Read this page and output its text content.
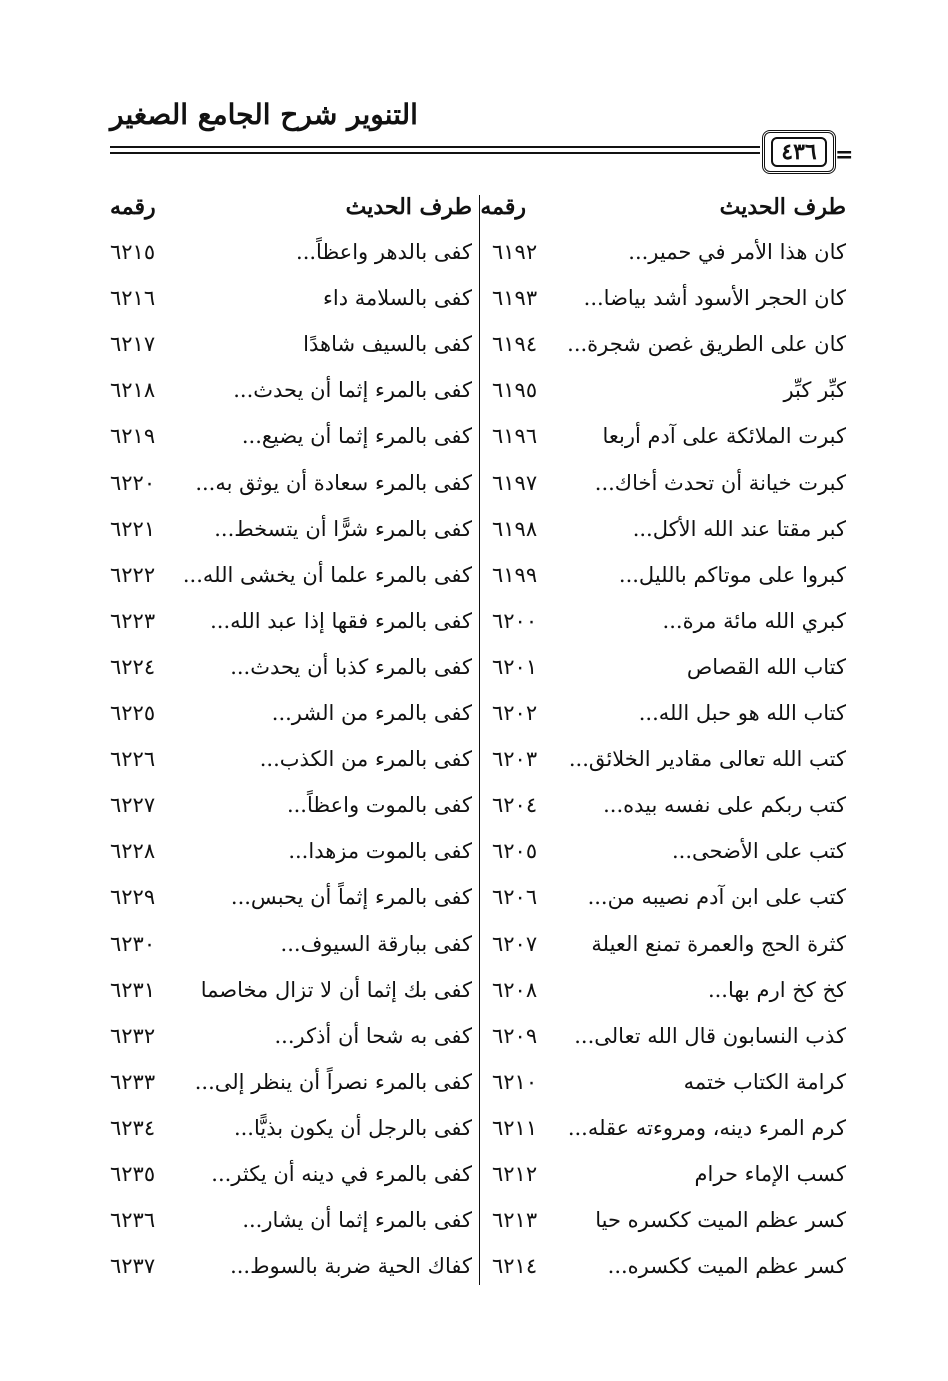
التنوير شرح الجامع الصغير
٤٣٦ =
طرف الحديث
رقمه
طرف الحديث
رقمه
كان هذا الأمر في حمير...
٦١٩٢
كان الحجر الأسود أشد بياضا...
٦١٩٣
كان على الطريق غصن شجرة...
٦١٩٤
كبِّر كبِّر
٦١٩٥
كبرت الملائكة على آدم أربعا
٦١٩٦
كبرت خيانة أن تحدث أخاك...
٦١٩٧
كبر مقتا عند الله الأكل...
٦١٩٨
كبروا على موتاكم بالليل...
٦١٩٩
كبري الله مائة مرة...
٦٢٠٠
كتاب الله القصاص
٦٢٠١
كتاب الله هو حبل الله...
٦٢٠٢
كتب الله تعالى مقادير الخلائق...
٦٢٠٣
كتب ربكم على نفسه بيده...
٦٢٠٤
كتب على الأضحى...
٦٢٠٥
كتب على ابن آدم نصيبه من...
٦٢٠٦
كثرة الحج والعمرة تمنع العيلة
٦٢٠٧
كخ كخ ارم بها...
٦٢٠٨
كذب النسابون قال الله تعالى...
٦٢٠٩
كرامة الكتاب ختمه
٦٢١٠
كرم المرء دينه، ومروءته عقله...
٦٢١١
كسب الإماء حرام
٦٢١٢
كسر عظم الميت ككسره حيا
٦٢١٣
كسر عظم الميت ككسره...
٦٢١٤
كفى بالدهر واعظاً...
٦٢١٥
كفى بالسلامة داء
٦٢١٦
كفى بالسيف شاهدًا
٦٢١٧
كفى بالمرء إثما أن يحدث...
٦٢١٨
كفى بالمرء إثما أن يضيع...
٦٢١٩
كفى بالمرء سعادة أن يوثق به...
٦٢٢٠
كفى بالمرء شرًّا أن يتسخط...
٦٢٢١
كفى بالمرء علما أن يخشى الله...
٦٢٢٢
كفى بالمرء فقها إذا عبد الله...
٦٢٢٣
كفى بالمرء كذبا أن يحدث...
٦٢٢٤
كفى بالمرء من الشر...
٦٢٢٥
كفى بالمرء من الكذب...
٦٢٢٦
كفى بالموت واعظاً...
٦٢٢٧
كفى بالموت مزهدا...
٦٢٢٨
كفى بالمرء إثماً أن يحبس...
٦٢٢٩
كفى ببارقة السيوف...
٦٢٣٠
كفى بك إثما أن لا تزال مخاصما
٦٢٣١
كفى به شحا أن أذكر...
٦٢٣٢
كفى بالمرء نصراً أن ينظر إلى...
٦٢٣٣
كفى بالرجل أن يكون بذيًّا...
٦٢٣٤
كفى بالمرء في دينه أن يكثر...
٦٢٣٥
كفى بالمرء إثما أن يشار...
٦٢٣٦
كفاك الحية ضربة بالسوط...
٦٢٣٧
